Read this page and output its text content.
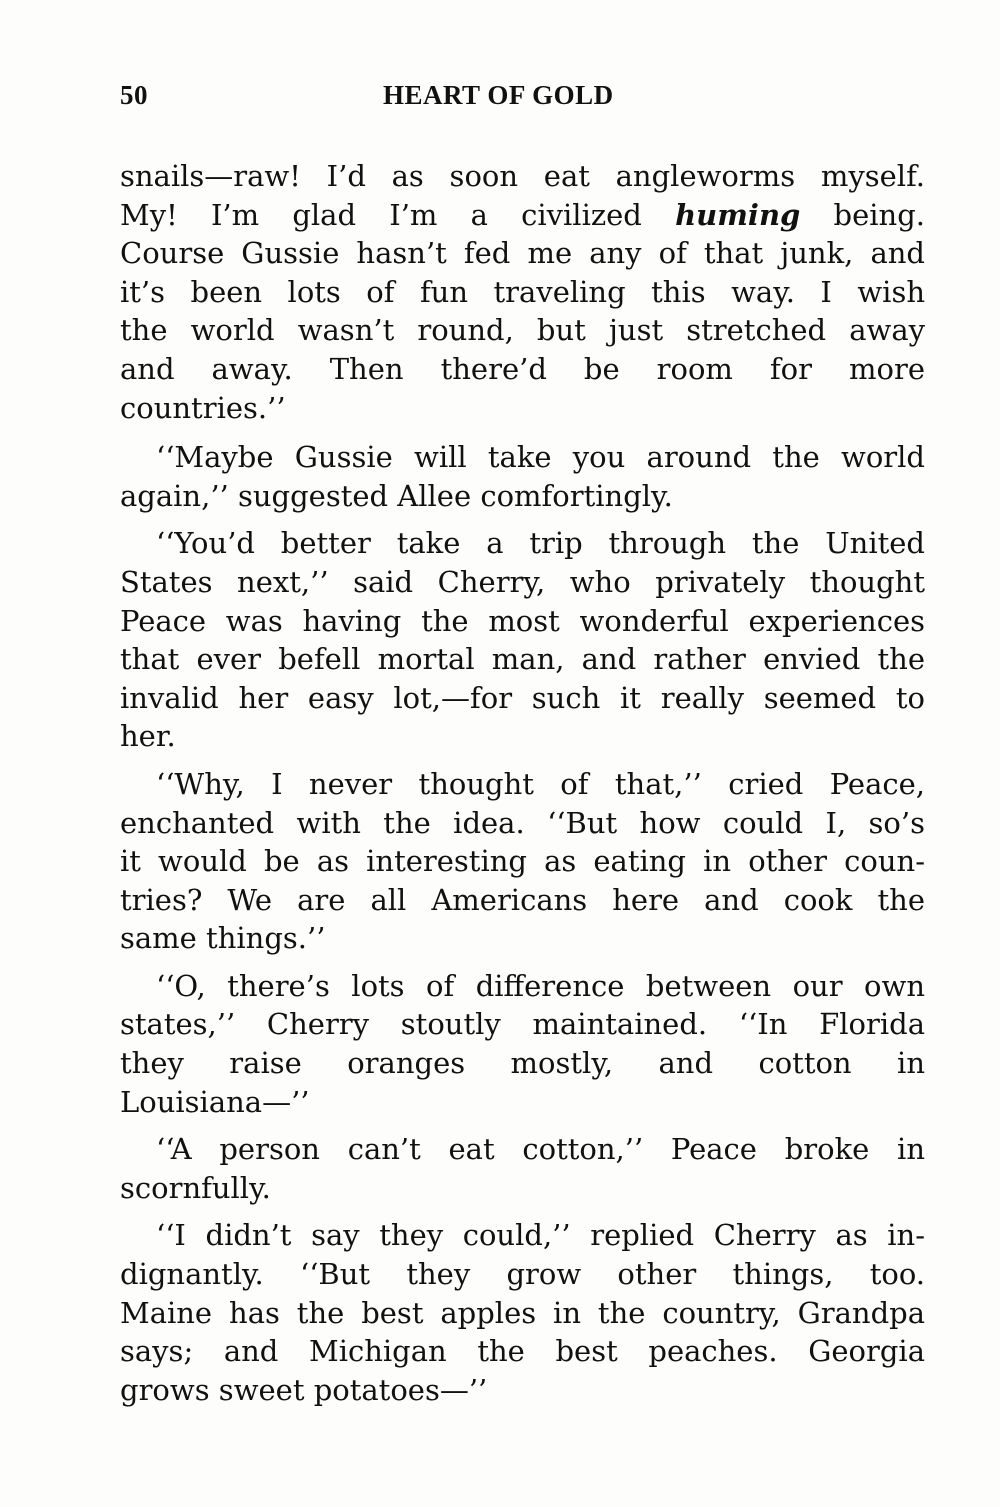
50	HEART OF GOLD
snails—raw! I’d as soon eat angleworms myself.
My! I’m glad I’m a civilized huming being.
Course Gussie hasn’t fed me any of that junk, and
it’s been lots of fun traveling this way. I wish
the world wasn’t round, but just stretched away
and away. Then there’d be room for more
countries.’’
‘‘Maybe Gussie will take you around the world
again,’’ suggested Allee comfortingly.
‘‘You’d better take a trip through the United
States next,’’ said Cherry, who privately thought
Peace was having the most wonderful experiences
that ever befell mortal man, and rather envied the
invalid her easy lot,—for such it really seemed to
her.
‘‘Why, I never thought of that,’’ cried Peace,
enchanted with the idea. ‘‘But how could I, so’s
it would be as interesting as eating in other coun-
tries? We are all Americans here and cook the
same things.’’
‘‘O, there’s lots of difference between our own
states,’’ Cherry stoutly maintained. ‘‘In Florida
they raise oranges mostly, and cotton in
Louisiana—’’
‘‘A person can’t eat cotton,’’ Peace broke in
scornfully.
‘‘I didn’t say they could,’’ replied Cherry as in-
dignantly. ‘‘But they grow other things, too.
Maine has the best apples in the country, Grandpa
says; and Michigan the best peaches. Georgia
grows sweet potatoes—’’
